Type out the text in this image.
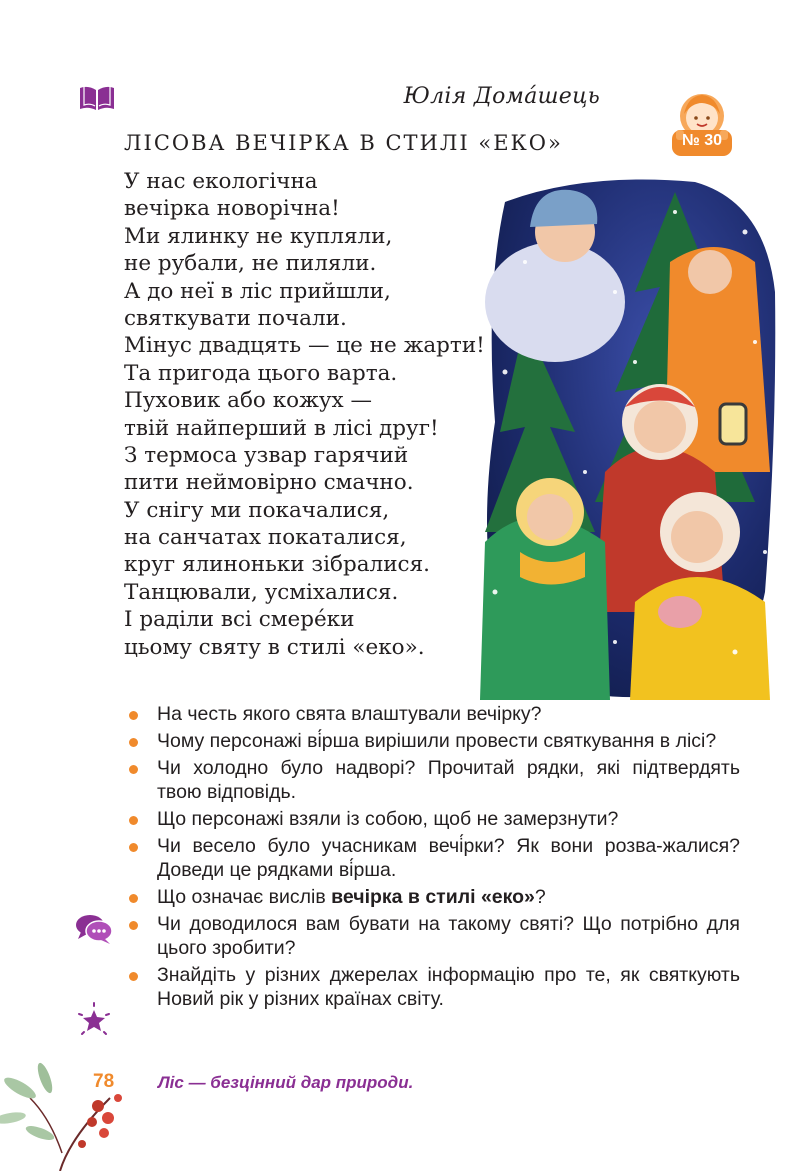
Юлія Дома́шець
ЛІСОВА ВЕЧІРКА В СТИЛІ «ЕКО»	№ 30
У нас екологічна
вечірка новорічна!
Ми ялинку не купляли,
не рубали, не пиляли.
А до неї в ліс прийшли,
святкувати почали.
Мінус двадцять — це не жарти!
Та пригода цього варта.
Пуховик або кожух —
твій найперший в лісі друг!
З термоса узвар гарячий
пити неймовірно смачно.
У снігу ми покачалися,
на санчатах покаталися,
круг ялиноньки зібралися.
Танцювали, усміхалися.
І раділи всі смере́ки
цьому святу в стилі «еко».
На честь якого свята влаштували вечірку?
Чому персонажі ві́рша вирішили провести святкування в лісі?
Чи холодно було надворі? Прочитай рядки, які підтвердять твою відповідь.
Що персонажі взяли із собою, щоб не замерзнути?
Чи весело було учасникам вечі́рки? Як вони розва-жалися? Доведи це рядками ві́рша.
Що означає вислів вечірка в стилі «еко»?
Чи доводилося вам бувати на такому святі? Що потрібно для цього зробити?
Знайдіть у різних джерелах інформацію про те, як святкують Новий рік у різних країнах світу.
78	Ліс — безцінний дар природи.
